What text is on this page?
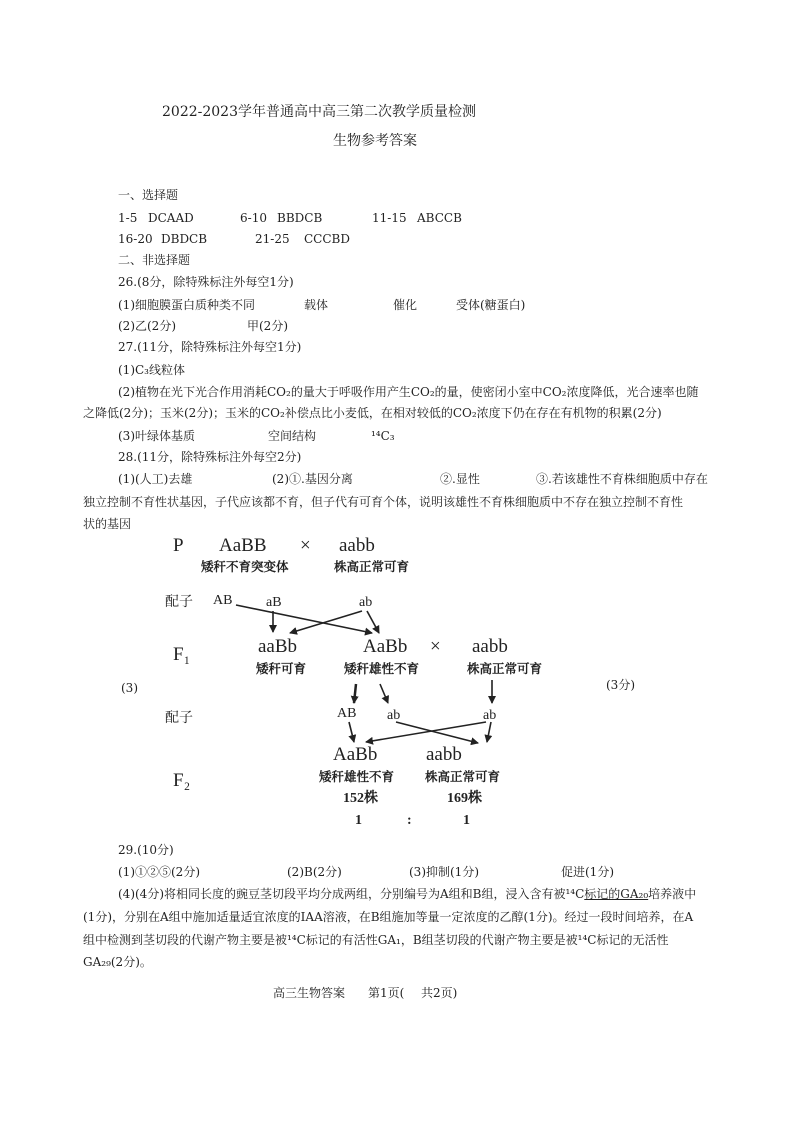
2022-2023学年普通高中高三第二次教学质量检测
生物参考答案
一、选择题
1-5 DCAAD	6-10 BBDCB	11-15 ABCCB
16-20 DBDCB	21-25 CCCBD
二、非选择题
26.(8分，除特殊标注外每空1分)
(1)细胞膜蛋白质种类不同	载体	催化	受体(糖蛋白)
(2)乙(2分)	甲(2分)
27.(11分，除特殊标注外每空1分)
(1)C₃线粒体
(2)植物在光下光合作用消耗CO₂的量大于呼吸作用产生CO₂的量，使密闭小室中CO₂浓度降低，光合速率也随
之降低(2分)；玉米(2分)；玉米的CO₂补偿点比小麦低，在相对较低的CO₂浓度下仍在存在有机物的积累(2分)
(3)叶绿体基质	空间结构	¹⁴C₃
28.(11分，除特殊标注外每空2分)
(1)(人工)去雄	(2)①.基因分离	②.显性	③.若该雄性不育株细胞质中存在
独立控制不育性状基因，子代应该都不育，但子代有可育个体，说明该雄性不育株细胞质中不存在独立控制不育性
状的基因
(3)	(3分)
P AaBB × aabb
矮秆不育突变体	株高正常可育
配子 AB aB	ab
F₁	aaBb	AaBb × aabb
矮秆可育	矮秆雄性不育	株高正常可育
配子	AB ab	ab
F₂
AaBb	aabb
矮秆雄性不育 株高正常可育
152株	169株
1	:	1
29.(10分)
(1)①②⑤(2分)	(2)B(2分)	(3)抑制(1分)	促进(1分)
(4)(4分)将相同长度的豌豆茎切段平均分成两组，分别编号为A组和B组，浸入含有被¹⁴C标记的GA₂₀培养液中
(1分)，分别在A组中施加适量适宜浓度的IAA溶液，在B组施加等量一定浓度的乙醇(1分)。经过一段时间培养，在A
组中检测到茎切段的代谢产物主要是被¹⁴C标记的有活性GA₁，B组茎切段的代谢产物主要是被¹⁴C标记的无活性
GA₂₉(2分)。
高三生物答案 第1页( 共2页)
